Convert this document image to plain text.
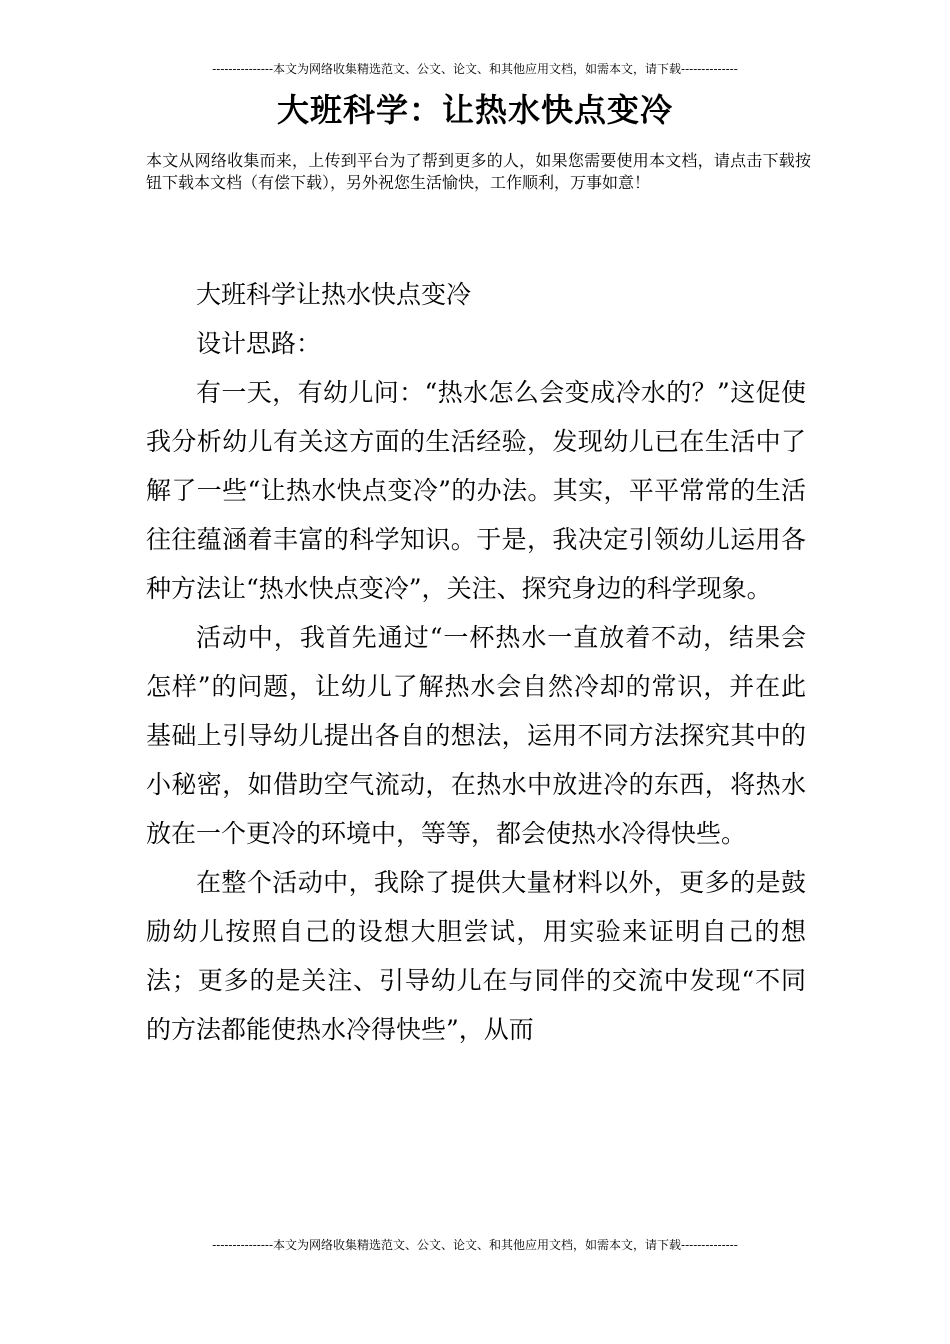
---------------本文为网络收集精选范文、公文、论文、和其他应用文档，如需本文，请下载--------------
大班科学：让热水快点变冷
本文从网络收集而来，上传到平台为了帮到更多的人，如果您需要使用本文档，请点击下载按钮下载本文档（有偿下载），另外祝您生活愉快，工作顺利，万事如意！

大班科学让热水快点变冷

设计思路：

有一天，有幼儿问：“热水怎么会变成冷水的？”这促使我分析幼儿有关这方面的生活经验，发现幼儿已在生活中了解了一些“让热水快点变冷”的办法。其实，平平常常的生活往往蕴涵着丰富的科学知识。于是，我决定引领幼儿运用各种方法让“热水快点变冷”，关注、探究身边的科学现象。

活动中，我首先通过“一杯热水一直放着不动，结果会怎样”的问题，让幼儿了解热水会自然冷却的常识，并在此基础上引导幼儿提出各自的想法，运用不同方法探究其中的小秘密，如借助空气流动，在热水中放进冷的东西，将热水放在一个更冷的环境中，等等，都会使热水冷得快些。

在整个活动中，我除了提供大量材料以外，更多的是鼓励幼儿按照自己的设想大胆尝试，用实验来证明自己的想法；更多的是关注、引导幼儿在与同伴的交流中发现“不同的方法都能使热水冷得快些”，从而

---------------本文为网络收集精选范文、公文、论文、和其他应用文档，如需本文，请下载--------------
